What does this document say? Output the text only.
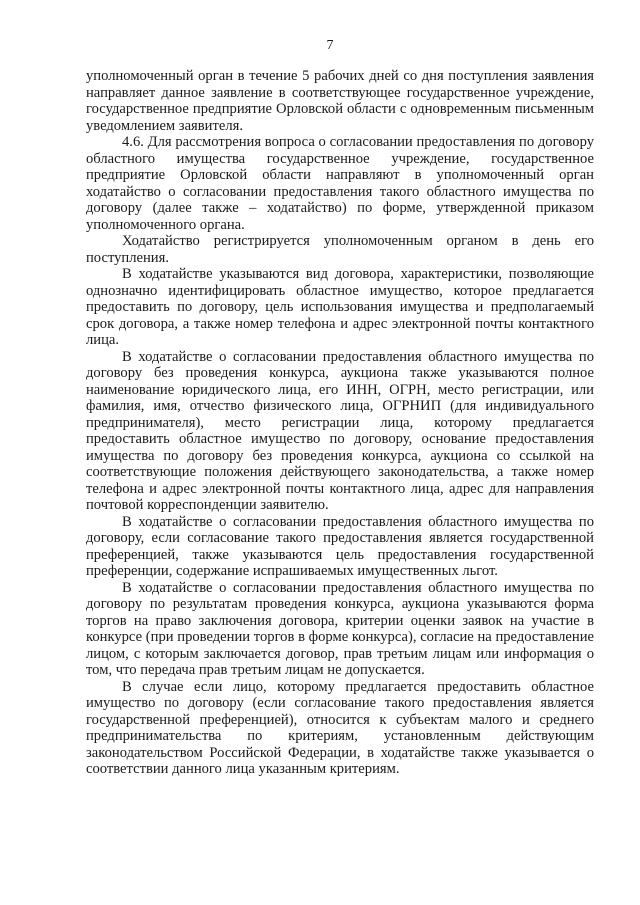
7

уполномоченный орган в течение 5 рабочих дней со дня поступления заявления направляет данное заявление в соответствующее государственное учреждение, государственное предприятие Орловской области с одновременным письменным уведомлением заявителя.

4.6. Для рассмотрения вопроса о согласовании предоставления по договору областного имущества государственное учреждение, государственное предприятие Орловской области направляют в уполномоченный орган ходатайство о согласовании предоставления такого областного имущества по договору (далее также – ходатайство) по форме, утвержденной приказом уполномоченного органа.

Ходатайство регистрируется уполномоченным органом в день его поступления.

В ходатайстве указываются вид договора, характеристики, позволяющие однозначно идентифицировать областное имущество, которое предлагается предоставить по договору, цель использования имущества и предполагаемый срок договора, а также номер телефона и адрес электронной почты контактного лица.

В ходатайстве о согласовании предоставления областного имущества по договору без проведения конкурса, аукциона также указываются полное наименование юридического лица, его ИНН, ОГРН, место регистрации, или фамилия, имя, отчество физического лица, ОГРНИП (для индивидуального предпринимателя), место регистрации лица, которому предлагается предоставить областное имущество по договору, основание предоставления имущества по договору без проведения конкурса, аукциона со ссылкой на соответствующие положения действующего законодательства, а также номер телефона и адрес электронной почты контактного лица, адрес для направления почтовой корреспонденции заявителю.

В ходатайстве о согласовании предоставления областного имущества по договору, если согласование такого предоставления является государственной преференцией, также указываются цель предоставления государственной преференции, содержание испрашиваемых имущественных льгот.

В ходатайстве о согласовании предоставления областного имущества по договору по результатам проведения конкурса, аукциона указываются форма торгов на право заключения договора, критерии оценки заявок на участие в конкурсе (при проведении торгов в форме конкурса), согласие на предоставление лицом, с которым заключается договор, прав третьим лицам или информация о том, что передача прав третьим лицам не допускается.

В случае если лицо, которому предлагается предоставить областное имущество по договору (если согласование такого предоставления является государственной преференцией), относится к субъектам малого и среднего предпринимательства по критериям, установленным действующим законодательством Российской Федерации, в ходатайстве также указывается о соответствии данного лица указанным критериям.
